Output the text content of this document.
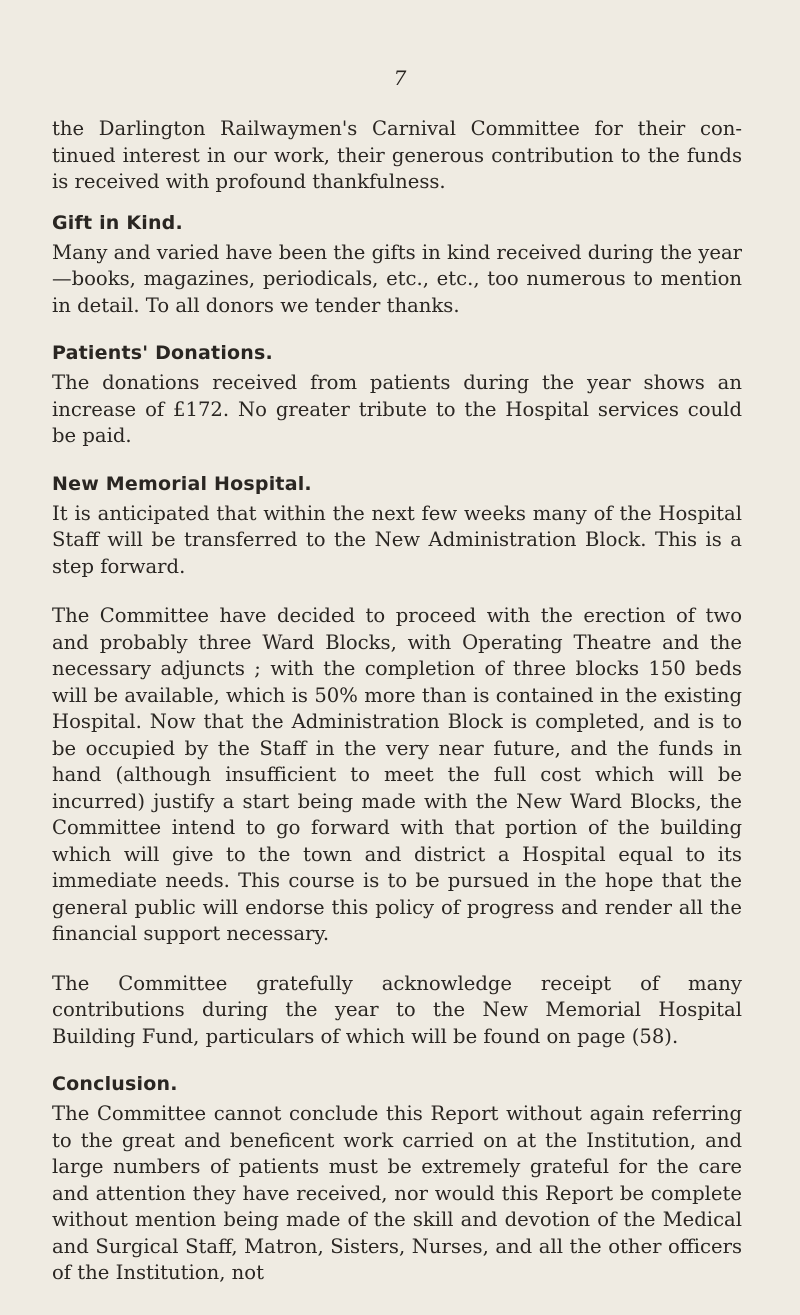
7

the Darlington Railwaymen's Carnival Committee for their con-tinued interest in our work, their generous contribution to the funds is received with profound thankfulness.

Gift in Kind.

Many and varied have been the gifts in kind received during the year—books, magazines, periodicals, etc., etc., too numerous to mention in detail. To all donors we tender thanks.

Patients' Donations.

The donations received from patients during the year shows an increase of £172. No greater tribute to the Hospital services could be paid.

New Memorial Hospital.

It is anticipated that within the next few weeks many of the Hospital Staff will be transferred to the New Administration Block. This is a step forward.

The Committee have decided to proceed with the erection of two and probably three Ward Blocks, with Operating Theatre and the necessary adjuncts ; with the completion of three blocks 150 beds will be available, which is 50% more than is contained in the existing Hospital. Now that the Administration Block is completed, and is to be occupied by the Staff in the very near future, and the funds in hand (although insufficient to meet the full cost which will be incurred) justify a start being made with the New Ward Blocks, the Committee intend to go forward with that portion of the building which will give to the town and district a Hospital equal to its immediate needs. This course is to be pursued in the hope that the general public will endorse this policy of progress and render all the financial support necessary.

The Committee gratefully acknowledge receipt of many contributions during the year to the New Memorial Hospital Building Fund, particulars of which will be found on page (58).

Conclusion.

The Committee cannot conclude this Report without again referring to the great and beneficent work carried on at the Institution, and large numbers of patients must be extremely grateful for the care and attention they have received, nor would this Report be complete without mention being made of the skill and devotion of the Medical and Surgical Staff, Matron, Sisters, Nurses, and all the other officers of the Institution, not
